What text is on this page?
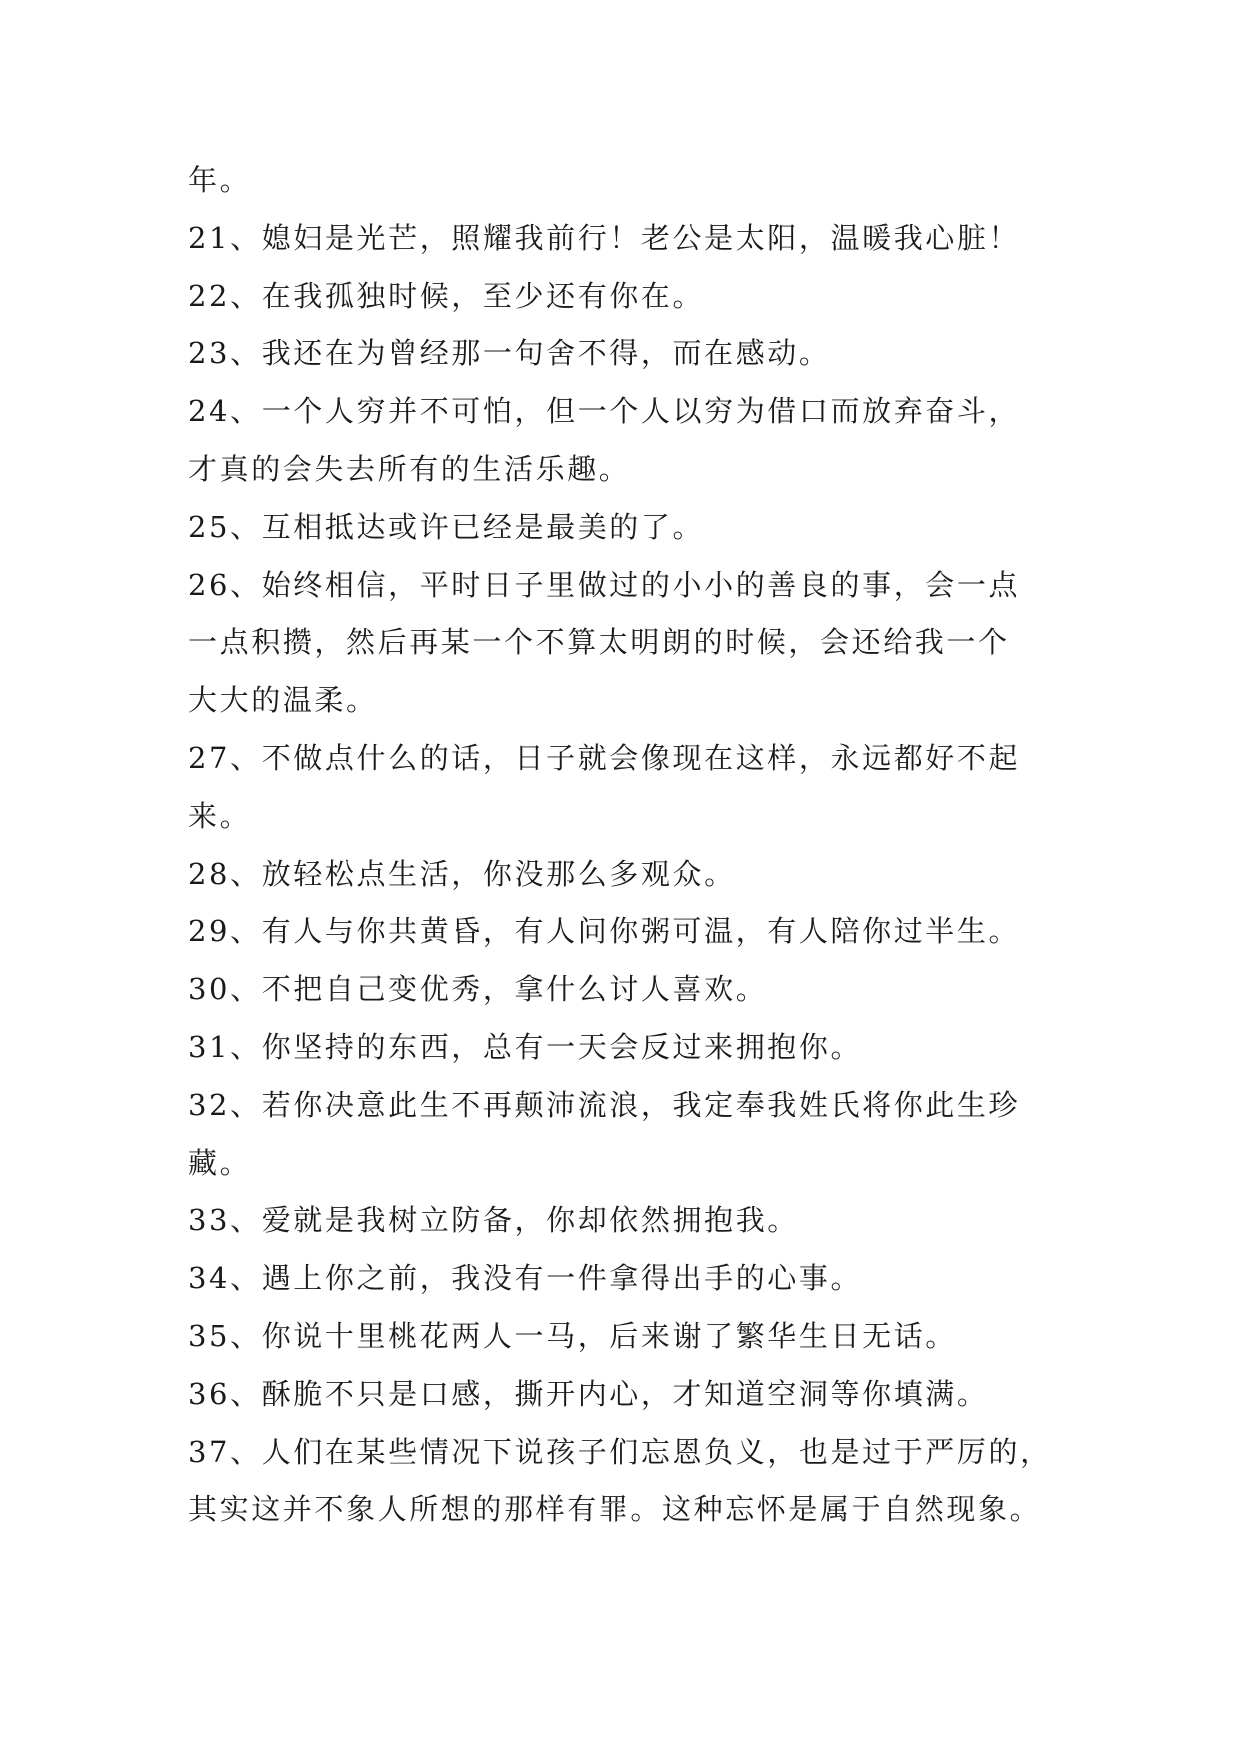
年。
21、媳妇是光芒，照耀我前行！老公是太阳，温暖我心脏！
22、在我孤独时候，至少还有你在。
23、我还在为曾经那一句舍不得，而在感动。
24、一个人穷并不可怕，但一个人以穷为借口而放弃奋斗，
才真的会失去所有的生活乐趣。
25、互相抵达或许已经是最美的了。
26、始终相信，平时日子里做过的小小的善良的事，会一点
一点积攒，然后再某一个不算太明朗的时候，会还给我一个
大大的温柔。
27、不做点什么的话，日子就会像现在这样，永远都好不起
来。
28、放轻松点生活，你没那么多观众。
29、有人与你共黄昏，有人问你粥可温，有人陪你过半生。
30、不把自己变优秀，拿什么讨人喜欢。
31、你坚持的东西，总有一天会反过来拥抱你。
32、若你决意此生不再颠沛流浪，我定奉我姓氏将你此生珍
藏。
33、爱就是我树立防备，你却依然拥抱我。
34、遇上你之前，我没有一件拿得出手的心事。
35、你说十里桃花两人一马，后来谢了繁华生日无话。
36、酥脆不只是口感，撕开内心，才知道空洞等你填满。
37、人们在某些情况下说孩子们忘恩负义，也是过于严厉的，
其实这并不象人所想的那样有罪。这种忘怀是属于自然现象。
